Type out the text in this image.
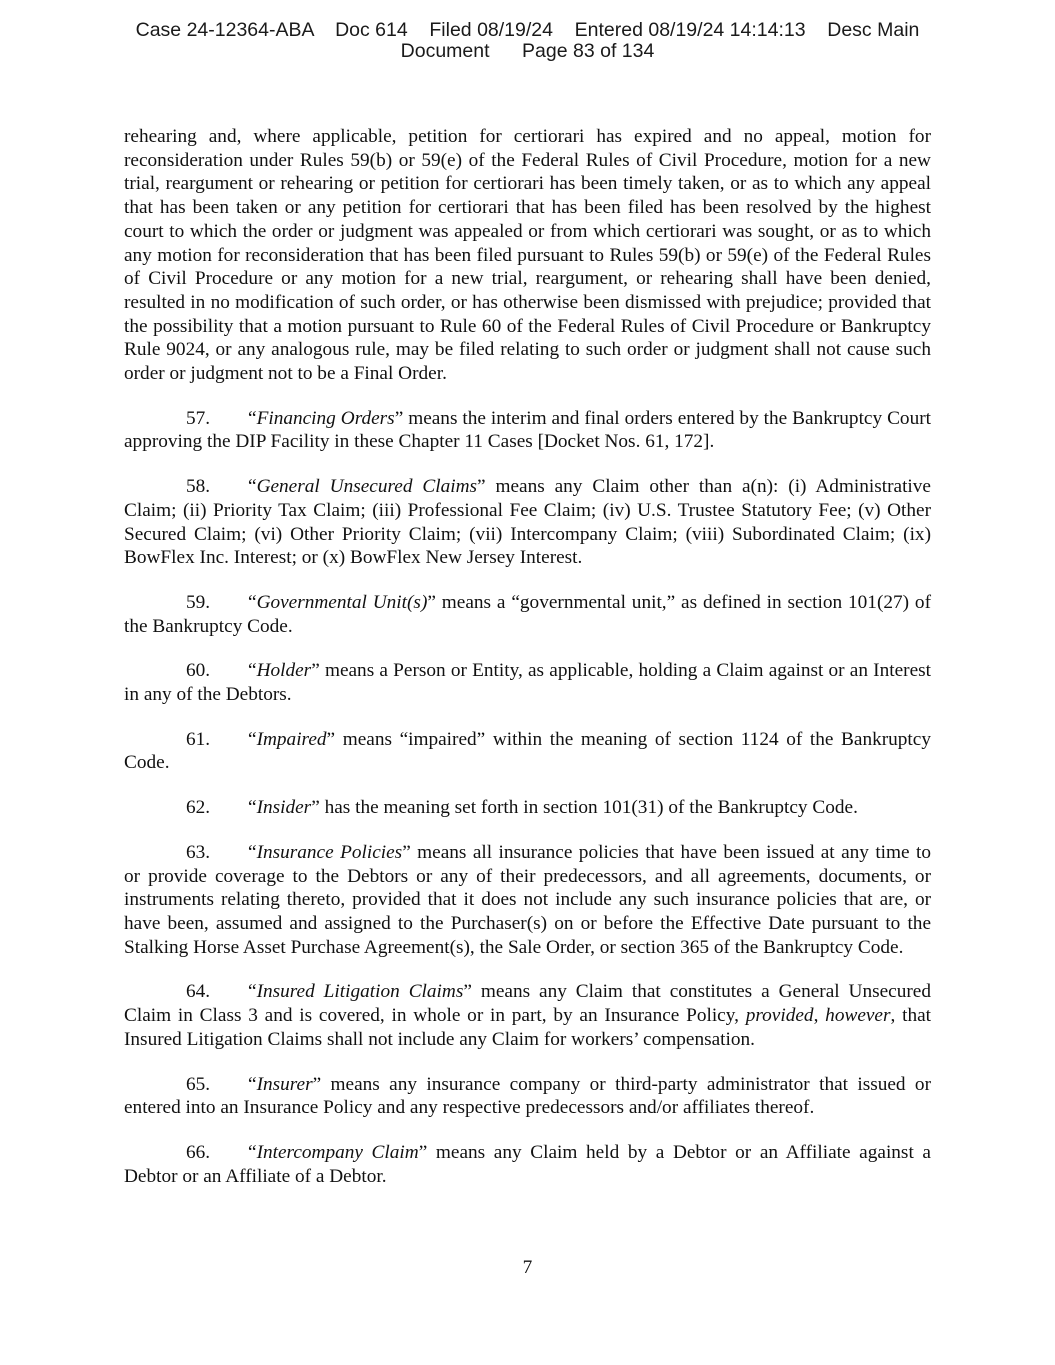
Case 24-12364-ABA    Doc 614    Filed 08/19/24    Entered 08/19/24 14:14:13    Desc Main
Document      Page 83 of 134

rehearing and, where applicable, petition for certiorari has expired and no appeal, motion for reconsideration under Rules 59(b) or 59(e) of the Federal Rules of Civil Procedure, motion for a new trial, reargument or rehearing or petition for certiorari has been timely taken, or as to which any appeal that has been taken or any petition for certiorari that has been filed has been resolved by the highest court to which the order or judgment was appealed or from which certiorari was sought, or as to which any motion for reconsideration that has been filed pursuant to Rules 59(b) or 59(e) of the Federal Rules of Civil Procedure or any motion for a new trial, reargument, or rehearing shall have been denied, resulted in no modification of such order, or has otherwise been dismissed with prejudice; provided that the possibility that a motion pursuant to Rule 60 of the Federal Rules of Civil Procedure or Bankruptcy Rule 9024, or any analogous rule, may be filed relating to such order or judgment shall not cause such order or judgment not to be a Final Order.

57. “Financing Orders” means the interim and final orders entered by the Bankruptcy Court approving the DIP Facility in these Chapter 11 Cases [Docket Nos. 61, 172].

58. “General Unsecured Claims” means any Claim other than a(n): (i) Administrative Claim; (ii) Priority Tax Claim; (iii) Professional Fee Claim; (iv) U.S. Trustee Statutory Fee; (v) Other Secured Claim; (vi) Other Priority Claim; (vii) Intercompany Claim; (viii) Subordinated Claim; (ix) BowFlex Inc. Interest; or (x) BowFlex New Jersey Interest.

59. “Governmental Unit(s)” means a “governmental unit,” as defined in section 101(27) of the Bankruptcy Code.

60. “Holder” means a Person or Entity, as applicable, holding a Claim against or an Interest in any of the Debtors.

61. “Impaired” means “impaired” within the meaning of section 1124 of the Bankruptcy Code.

62. “Insider” has the meaning set forth in section 101(31) of the Bankruptcy Code.

63. “Insurance Policies” means all insurance policies that have been issued at any time to or provide coverage to the Debtors or any of their predecessors, and all agreements, documents, or instruments relating thereto, provided that it does not include any such insurance policies that are, or have been, assumed and assigned to the Purchaser(s) on or before the Effective Date pursuant to the Stalking Horse Asset Purchase Agreement(s), the Sale Order, or section 365 of the Bankruptcy Code.

64. “Insured Litigation Claims” means any Claim that constitutes a General Unsecured Claim in Class 3 and is covered, in whole or in part, by an Insurance Policy, provided, however, that Insured Litigation Claims shall not include any Claim for workers’ compensation.

65. “Insurer” means any insurance company or third-party administrator that issued or entered into an Insurance Policy and any respective predecessors and/or affiliates thereof.

66. “Intercompany Claim” means any Claim held by a Debtor or an Affiliate against a Debtor or an Affiliate of a Debtor.

7
